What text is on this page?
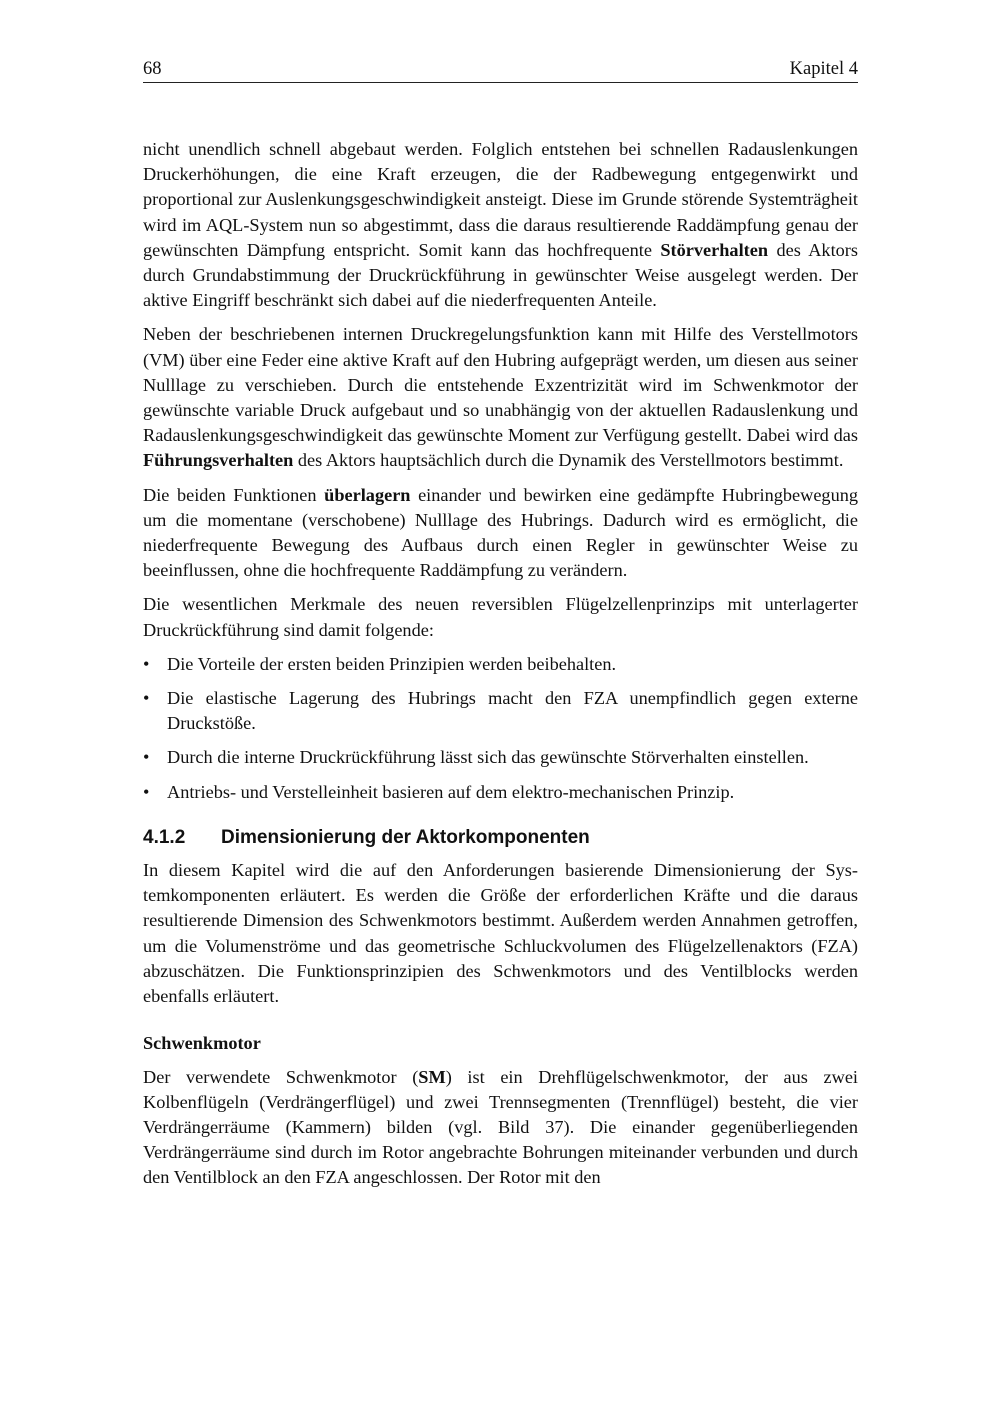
68	Kapitel 4

nicht unendlich schnell abgebaut werden. Folglich entstehen bei schnellen Radauslenkungen Druckerhöhungen, die eine Kraft erzeugen, die der Radbewegung entgegenwirkt und proportional zur Auslenkungsgeschwindigkeit ansteigt. Diese im Grunde störende Systemträgheit wird im AQL-System nun so abgestimmt, dass die daraus resultierende Raddämpfung genau der gewünschten Dämpfung entspricht. Somit kann das hochfrequente Störverhalten des Aktors durch Grundabstimmung der Druckrückführung in gewünschter Weise ausgelegt werden. Der aktive Eingriff beschränkt sich dabei auf die niederfrequenten Anteile.

Neben der beschriebenen internen Druckregelungsfunktion kann mit Hilfe des Verstellmotors (VM) über eine Feder eine aktive Kraft auf den Hubring aufgeprägt werden, um diesen aus seiner Nulllage zu verschieben. Durch die entstehende Exzentrizität wird im Schwenkmotor der gewünschte variable Druck aufgebaut und so unabhängig von der aktuellen Radauslenkung und Radauslenkungsgeschwindigkeit das gewünschte Moment zur Verfügung gestellt. Dabei wird das Führungsverhalten des Aktors hauptsächlich durch die Dynamik des Verstellmotors bestimmt.

Die beiden Funktionen überlagern einander und bewirken eine gedämpfte Hubringbewegung um die momentane (verschobene) Nulllage des Hubrings. Dadurch wird es ermöglicht, die niederfrequente Bewegung des Aufbaus durch einen Regler in gewünschter Weise zu beeinflussen, ohne die hochfrequente Raddämpfung zu verändern.

Die wesentlichen Merkmale des neuen reversiblen Flügelzellenprinzips mit unterlagerter Druckrückführung sind damit folgende:

• Die Vorteile der ersten beiden Prinzipien werden beibehalten.
• Die elastische Lagerung des Hubrings macht den FZA unempfindlich gegen externe Druckstöße.
• Durch die interne Druckrückführung lässt sich das gewünschte Störverhalten einstellen.
• Antriebs- und Verstelleinheit basieren auf dem elektro-mechanischen Prinzip.
4.1.2	Dimensionierung der Aktorkomponenten

In diesem Kapitel wird die auf den Anforderungen basierende Dimensionierung der Systemkomponenten erläutert. Es werden die Größe der erforderlichen Kräfte und die daraus resultierende Dimension des Schwenkmotors bestimmt. Außerdem werden Annahmen getroffen, um die Volumenströme und das geometrische Schluckvolumen des Flügelzellenaktors (FZA) abzuschätzen. Die Funktionsprinzipien des Schwenkmotors und des Ventilblocks werden ebenfalls erläutert.

Schwenkmotor

Der verwendete Schwenkmotor (SM) ist ein Drehflügelschwenkmotor, der aus zwei Kolbenflügeln (Verdrängerflügel) und zwei Trennsegmenten (Trennflügel) besteht, die vier Verdrängerräume (Kammern) bilden (vgl. Bild 37). Die einander gegenüberliegenden Verdrängerräume sind durch im Rotor angebrachte Bohrungen miteinander verbunden und durch den Ventilblock an den FZA angeschlossen. Der Rotor mit den
